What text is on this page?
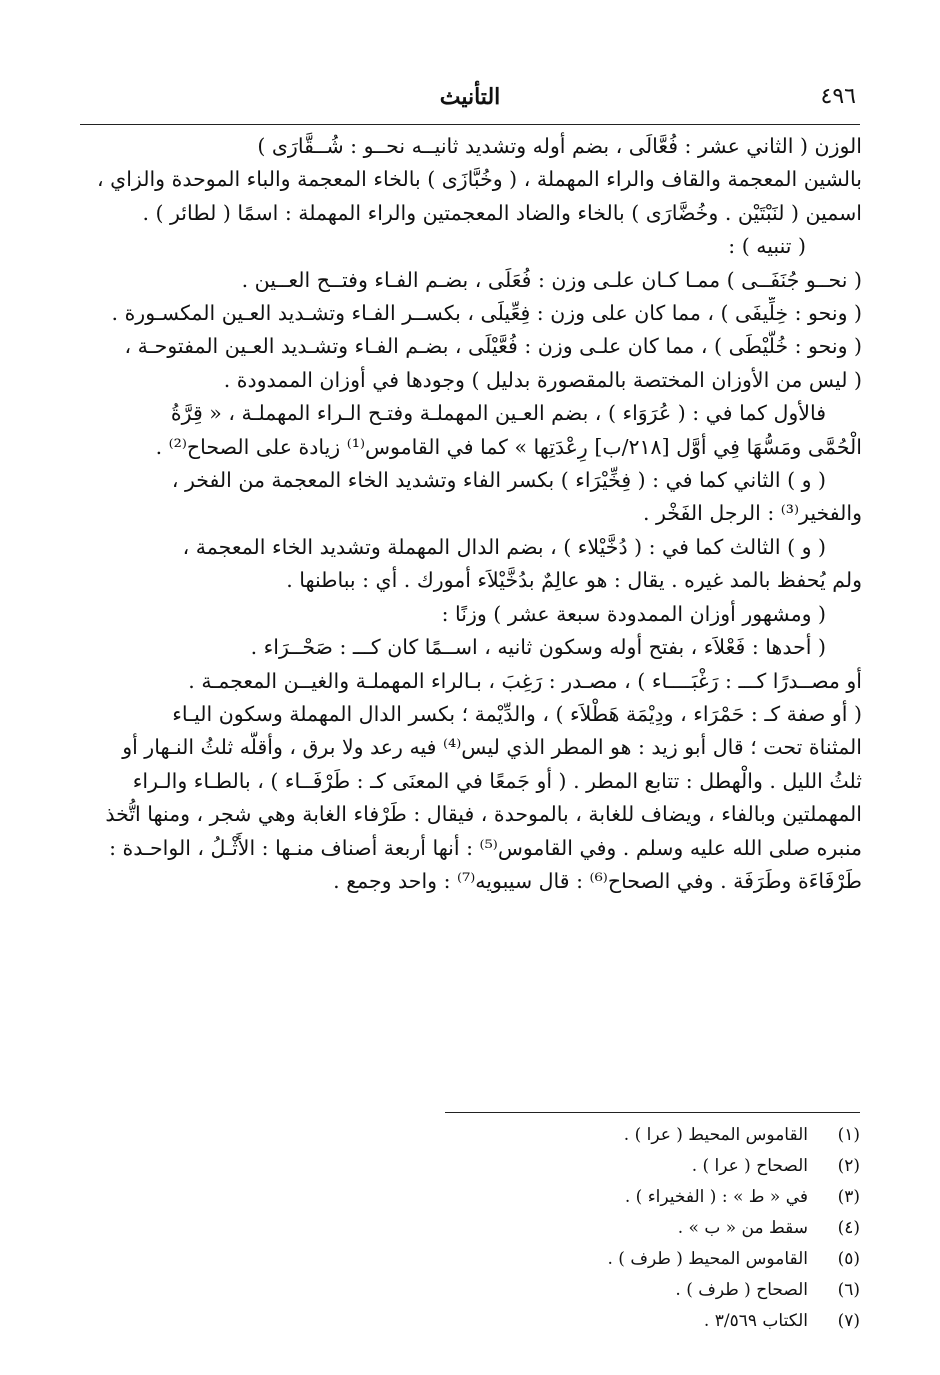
٤٩٦
التأنيث
الوزن ( الثاني عشر : فُعَّالَى ، بضم أوله وتشديد ثانيــه نحــو : شُــقَّارَى )
بالشين المعجمة والقاف والراء المهملة ، ( وخُبَّازَى ) بالخاء المعجمة والباء الموحدة والزاي ،
اسمين ( لنَبْتَيْن . وخُضَّارَى ) بالخاء والضاد المعجمتين والراء المهملة : اسمًا ( لطائر ) .
( تنبيه ) :
( نحــو جُنَفَــى ) ممـا كـان علـى وزن : فُعَلَى ، بضـم الفـاء وفتــح العــين .
( ونحو : خِلِّيفَى ) ، مما كان على وزن : فِعِّيلَى ، بكســر الفـاء وتشـديد العـين المكسـورة .
( ونحو : خُلَّيْطَى ) ، مما كان علـى وزن : فُعَّيْلَى ، بضـم الفـاء وتشـديد العـين المفتوحـة ،
( ليس من الأوزان المختصة بالمقصورة بدليل ) وجودها في أوزان الممدودة .
فالأول كما في : ( عُرَوَاء ) ، بضم العـين المهملـة وفتـح الـراء المهملـة ، « قِرَّةُ
الْحُمَّى ومَسُّهَا فِي أوَّل [٢١٨/ب] رِعْدَتِها » كما في القاموس⁽¹⁾ زيادة على الصحاح⁽²⁾ .
( و ) الثاني كما في : ( فِخِّيْرَاء ) بكسر الفاء وتشديد الخاء المعجمة من الفخر ،
والفخير⁽³⁾ : الرجل الفَخْر .
( و ) الثالث كما في : ( دُخَّيْلاء ) ، بضم الدال المهملة وتشديد الخاء المعجمة ،
ولم يُحفظ بالمد غيره . يقال : هو عالِمٌ بدُخَّيْلاَء أمورك . أي : بباطنها .
( ومشهور أوزان الممدودة سبعة عشر ) وزنًا :
( أحدها : فَعْلاَء ، بفتح أوله وسكون ثانيه ، اســمًا كان كـــ : صَحْــرَاء .
أو مصــدرًا كـــ : رَغْبَــــاء ) ، مصـدر : رَغِبَ ، بـالراء المهملـة والغيــن المعجمـة .
( أو صفة كـ : حَمْرَاء ، ودِيْمَة هَطْلاَء ) ، والدِّيْمة ؛ بكسر الدال المهملة وسكون اليـاء
المثناة تحت ؛ قال أبو زيد : هو المطر الذي ليس⁽⁴⁾ فيه رعد ولا برق ، وأقلُّه ثلثُ النـهار أو
ثلثُ الليل . والْهطل : تتابع المطر . ( أو جَمعًا في المعنَى كـ : طَرْفَــاء ) ، بالطـاء والـراء
المهملتين وبالفاء ، ويضاف للغابة ، بالموحدة ، فيقال : طَرْفاء الغابة وهي شجر ، ومنها اتُّخذ
منبره صلى الله عليه وسلم . وفي القاموس⁽⁵⁾ : أنها أربعة أصناف منـها : الأَثْـلُ ، الواحـدة :
طَرْفَاءَة وطَرَفَة . وفي الصحاح⁽⁶⁾ : قال سيبويه⁽⁷⁾ : واحد وجمع .
(١)القاموس المحيط ( عرا ) .
(٢)الصحاح ( عرا ) .
(٣)في « ط » : ( الفخيراء ) .
(٤)سقط من « ب » .
(٥)القاموس المحيط ( طرف ) .
(٦)الصحاح ( طرف ) .
(٧)الكتاب ٣/٥٦٩ .
